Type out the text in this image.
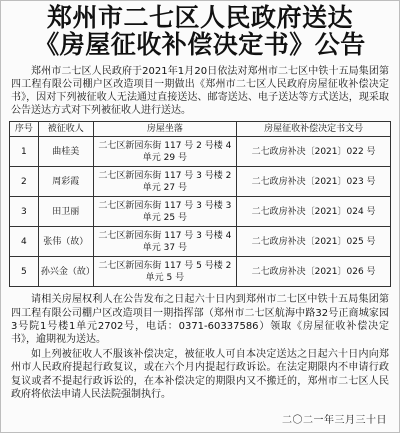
郑州市二七区人民政府送达
《房屋征收补偿决定书》公告

郑州市二七区人民政府于2021年1月20日依法对郑州市二七区中铁十五局集团第四工程有限公司棚户区改造项目一期做出《郑州市二七区人民政府房屋征收补偿决定书》，因对下列被征收人无法通过直接送达、邮寄送达、电子送达等方式送达，现采取公告送达方式对下列被征收人进行送达。

序号	被征收人	房屋坐落	房屋征收补偿决定书文号
1	曲桂美	二七区新园东街 117 号 2 号楼 4 单元 29 号	二七政房补决〔2021〕022 号
2	周彩霞	二七区新园东街 117 号 3 号楼 2 单元 27 号	二七政房补决〔2021〕023 号
3	田卫丽	二七区新园东街 117 号 3 号楼 3 单元 25 号	二七政房补决〔2021〕024 号
4	张伟（故）	二七区新园东街 117 号 3 号楼 4 单元 37 号	二七政房补决〔2021〕025 号
5	孙兴金（故）	二七区新园东街 117 号 5 号楼 2 单元 5 号	二七政房补决〔2021〕026 号

请相关房屋权利人在公告发布之日起六十日内到郑州市二七区中铁十五局集团第四工程有限公司棚户区改造项目一期指挥部（郑州市二七区航海中路32号正商城家园3号院1号楼1单元2702号，电话：0371-60337586）领取《房屋征收补偿决定书》，逾期视为送达。

如上列被征收人不服该补偿决定，被征收人可自本决定送达之日起六十日内向郑州市人民政府提起行政复议，或在六个月内提起行政诉讼。在法定期限内不申请行政复议或者不提起行政诉讼的，在本补偿决定的期限内又不搬迁的，郑州市二七区人民政府将依法申请人民法院强制执行。

二〇二一年三月三十日
